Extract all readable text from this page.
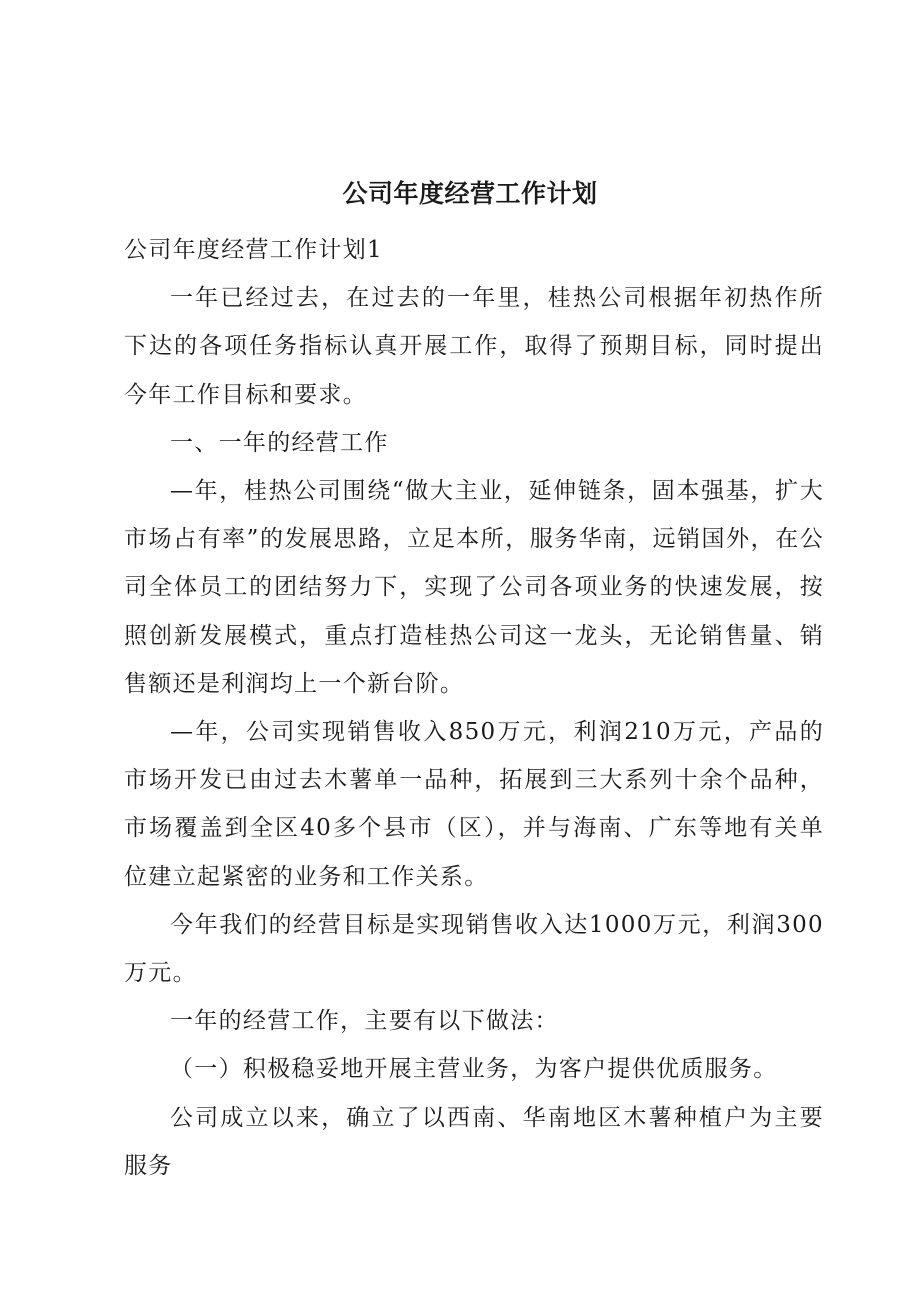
公司年度经营工作计划

公司年度经营工作计划1

一年已经过去，在过去的一年里，桂热公司根据年初热作所下达的各项任务指标认真开展工作，取得了预期目标，同时提出今年工作目标和要求。

一、一年的经营工作

—年，桂热公司围绕“做大主业，延伸链条，固本强基，扩大市场占有率”的发展思路，立足本所，服务华南，远销国外，在公司全体员工的团结努力下，实现了公司各项业务的快速发展，按照创新发展模式，重点打造桂热公司这一龙头，无论销售量、销售额还是利润均上一个新台阶。

—年，公司实现销售收入850万元，利润210万元，产品的市场开发已由过去木薯单一品种，拓展到三大系列十余个品种，市场覆盖到全区40多个县市（区），并与海南、广东等地有关单位建立起紧密的业务和工作关系。

今年我们的经营目标是实现销售收入达1000万元，利润300万元。

一年的经营工作，主要有以下做法：

（一）积极稳妥地开展主营业务，为客户提供优质服务。

公司成立以来，确立了以西南、华南地区木薯种植户为主要服务
